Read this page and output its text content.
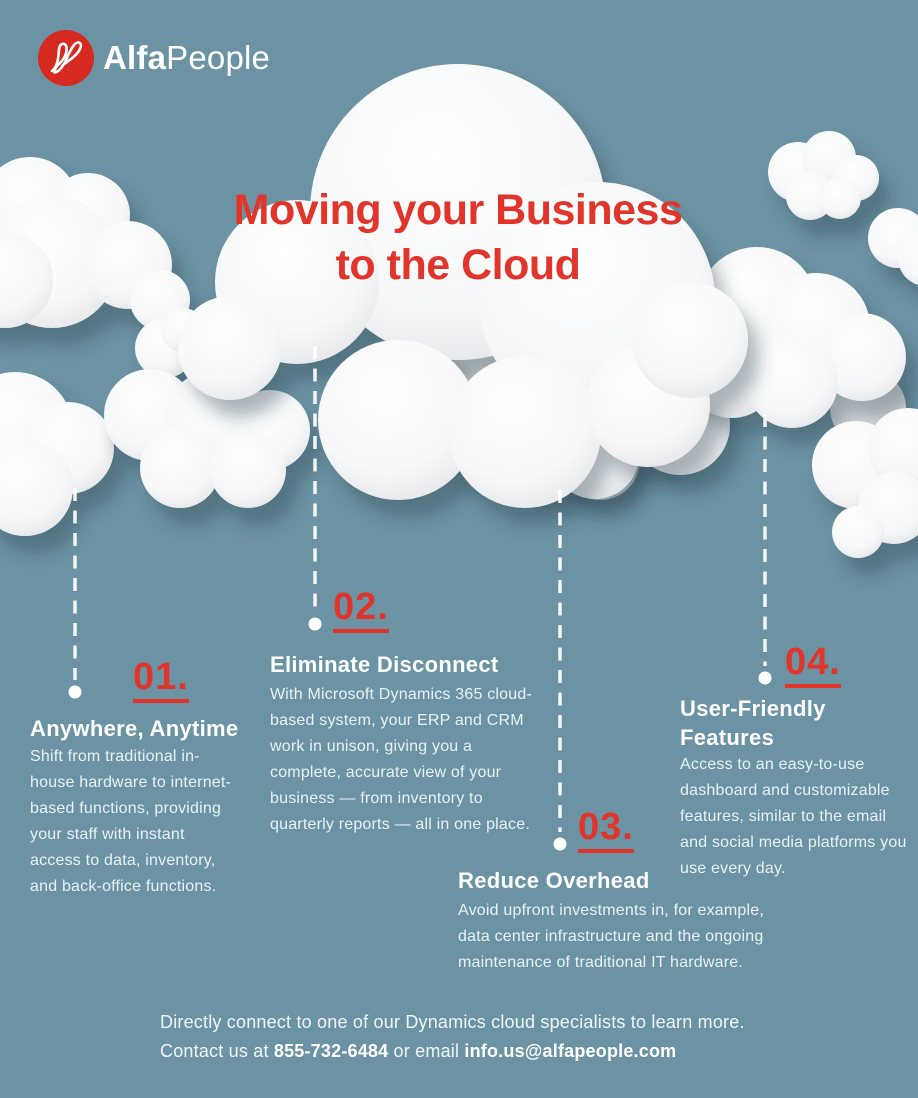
AlfaPeople
Moving your Business
to the Cloud
01.
02.
03.
04.
Anywhere, Anytime
Eliminate Disconnect
Reduce Overhead
User-Friendly Features

Shift from traditional in-house hardware to internet-based functions, providing your staff with instant access to data, inventory, and back-office functions.

With Microsoft Dynamics 365 cloud-based system, your ERP and CRM work in unison, giving you a complete, accurate view of your business — from inventory to quarterly reports — all in one place.

Avoid upfront investments in, for example, data center infrastructure and the ongoing maintenance of traditional IT hardware.

Access to an easy-to-use dashboard and customizable features, similar to the email and social media platforms you use every day.

Directly connect to one of our Dynamics cloud specialists to learn more.
Contact us at 855-732-6484 or email info.us@alfapeople.com
